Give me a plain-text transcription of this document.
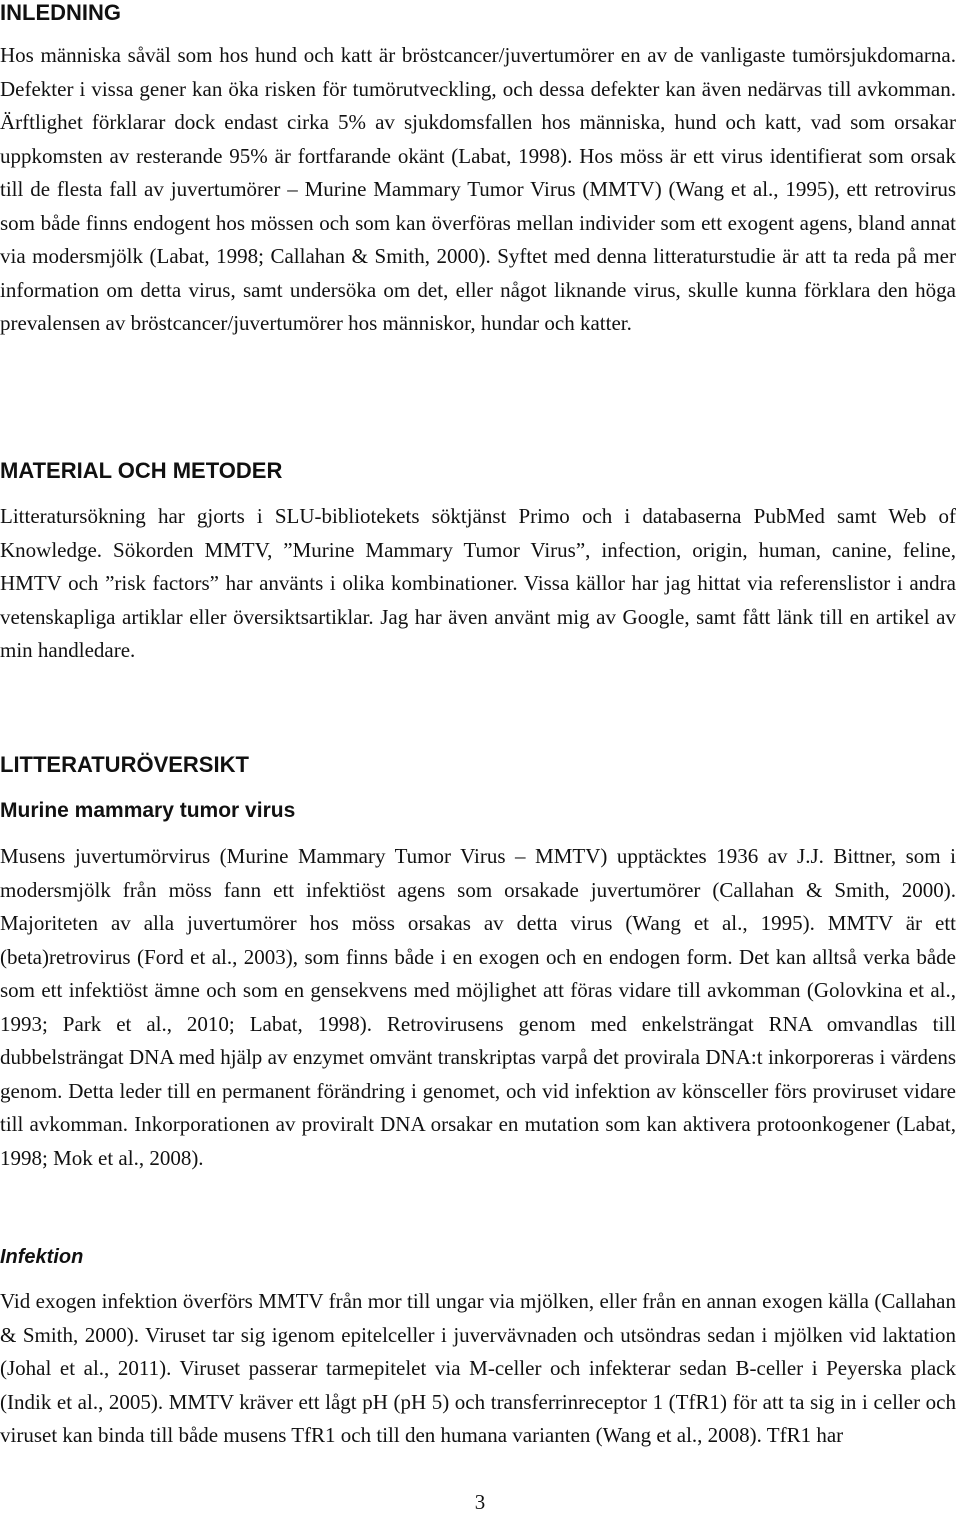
INLEDNING

Hos människa såväl som hos hund och katt är bröstcancer/juvertumörer en av de vanligaste tumörsjukdomarna. Defekter i vissa gener kan öka risken för tumörutveckling, och dessa defekter kan även nedärvas till avkomman. Ärftlighet förklarar dock endast cirka 5% av sjukdomsfallen hos människa, hund och katt, vad som orsakar uppkomsten av resterande 95% är fortfarande okänt (Labat, 1998). Hos möss är ett virus identifierat som orsak till de flesta fall av juvertumörer – Murine Mammary Tumor Virus (MMTV) (Wang et al., 1995), ett retrovirus som både finns endogent hos mössen och som kan överföras mellan individer som ett exogent agens, bland annat via modersmjölk (Labat, 1998; Callahan & Smith, 2000). Syftet med denna litteraturstudie är att ta reda på mer information om detta virus, samt undersöka om det, eller något liknande virus, skulle kunna förklara den höga prevalensen av bröstcancer/juvertumörer hos människor, hundar och katter.

MATERIAL OCH METODER

Litteratursökning har gjorts i SLU-bibliotekets söktjänst Primo och i databaserna PubMed samt Web of Knowledge. Sökorden MMTV, ”Murine Mammary Tumor Virus”, infection, origin, human, canine, feline, HMTV och ”risk factors” har använts i olika kombinationer. Vissa källor har jag hittat via referenslistor i andra vetenskapliga artiklar eller översiktsartiklar. Jag har även använt mig av Google, samt fått länk till en artikel av min handledare.

LITTERATURÖVERSIKT
Murine mammary tumor virus

Musens juvertumörvirus (Murine Mammary Tumor Virus – MMTV) upptäcktes 1936 av J.J. Bittner, som i modersmjölk från möss fann ett infektiöst agens som orsakade juvertumörer (Callahan & Smith, 2000). Majoriteten av alla juvertumörer hos möss orsakas av detta virus (Wang et al., 1995). MMTV är ett (beta)retrovirus (Ford et al., 2003), som finns både i en exogen och en endogen form. Det kan alltså verka både som ett infektiöst ämne och som en gensekvens med möjlighet att föras vidare till avkomman (Golovkina et al., 1993; Park et al., 2010; Labat, 1998). Retrovirusens genom med enkelsträngat RNA omvandlas till dubbelsträngat DNA med hjälp av enzymet omvänt transkriptas varpå det provirala DNA:t inkorporeras i värdens genom. Detta leder till en permanent förändring i genomet, och vid infektion av könsceller förs proviruset vidare till avkomman. Inkorporationen av proviralt DNA orsakar en mutation som kan aktivera protoonkogener (Labat, 1998; Mok et al., 2008).

Infektion

Vid exogen infektion överförs MMTV från mor till ungar via mjölken, eller från en annan exogen källa (Callahan & Smith, 2000). Viruset tar sig igenom epitelceller i juvervävnaden och utsöndras sedan i mjölken vid laktation (Johal et al., 2011). Viruset passerar tarmepitelet via M-celler och infekterar sedan B-celler i Peyerska plack (Indik et al., 2005). MMTV kräver ett lågt pH (pH 5) och transferrinreceptor 1 (TfR1) för att ta sig in i celler och viruset kan binda till både musens TfR1 och till den humana varianten (Wang et al., 2008). TfR1 har

3
